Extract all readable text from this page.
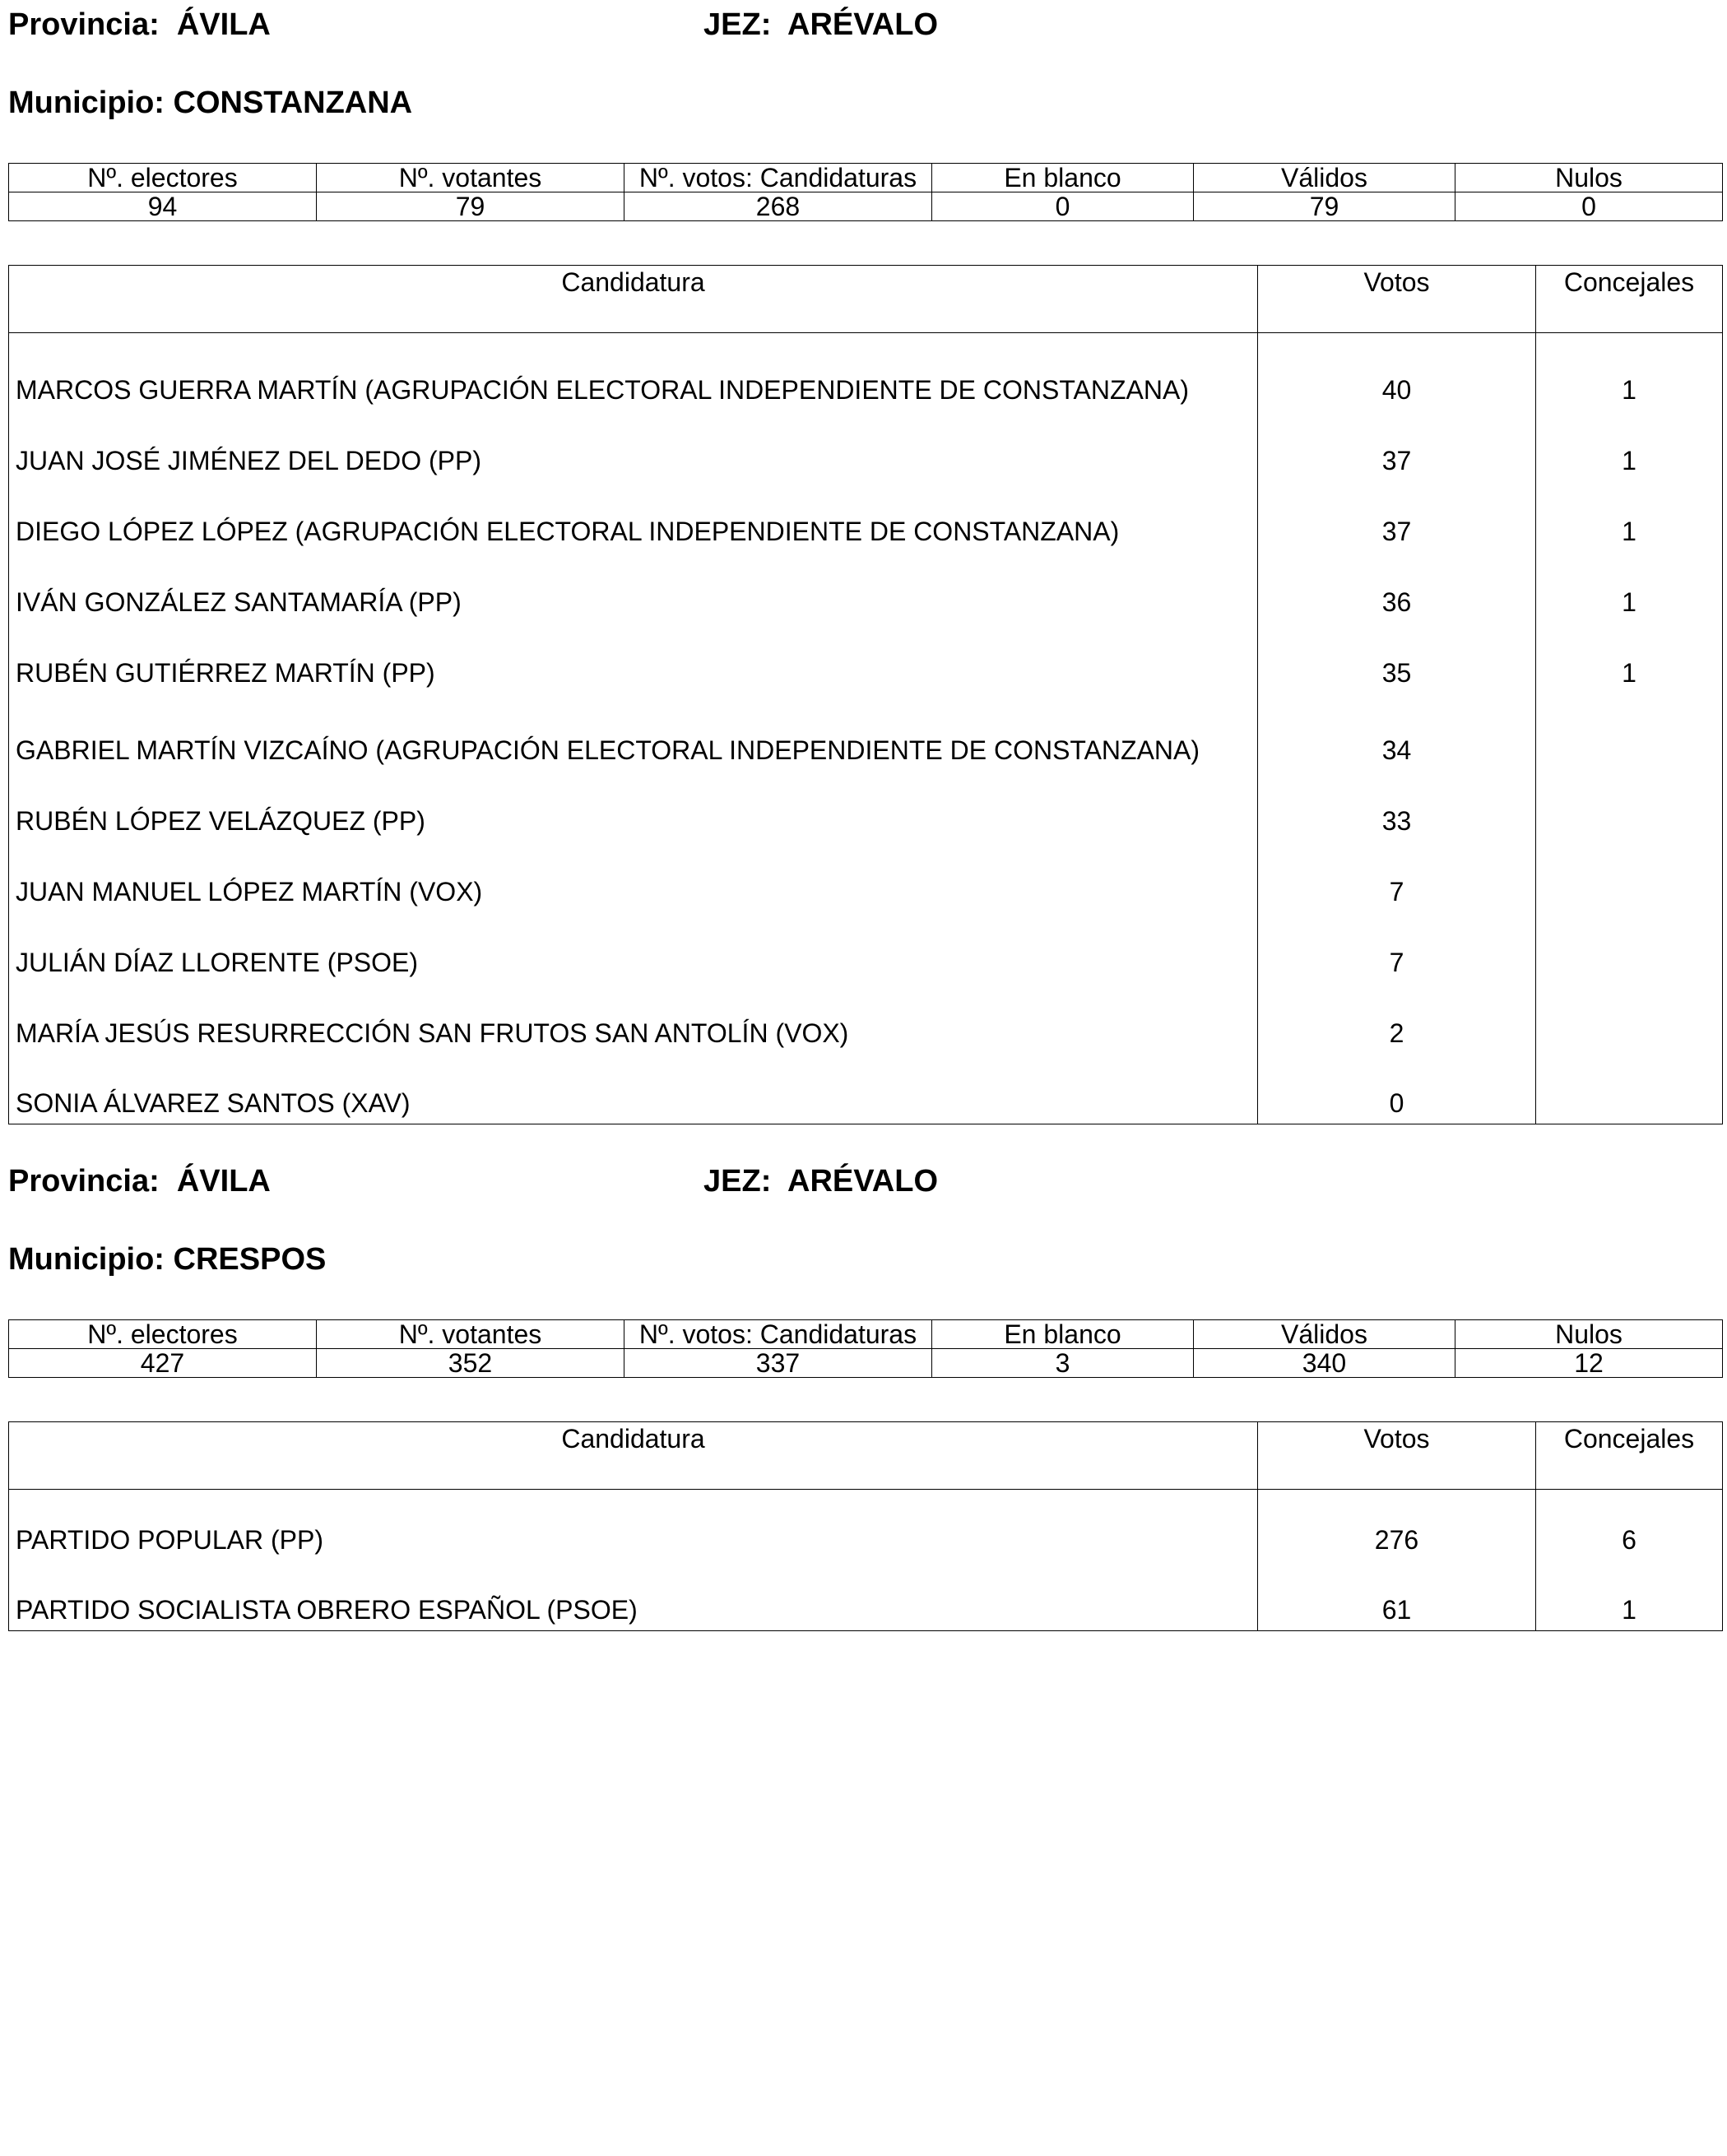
Provincia:  ÁVILA	JEZ:  ARÉVALO
Municipio: CONSTANZANA
Nº. electores	Nº. votantes	Nº. votos: Candidaturas	En blanco	Válidos	Nulos
94	79	268	0	79	0
Candidatura	Votos	Concejales
MARCOS GUERRA MARTÍN (AGRUPACIÓN ELECTORAL INDEPENDIENTE DE CONSTANZANA)	40	1
JUAN JOSÉ JIMÉNEZ DEL DEDO (PP)	37	1
DIEGO LÓPEZ LÓPEZ (AGRUPACIÓN ELECTORAL INDEPENDIENTE DE CONSTANZANA)	37	1
IVÁN GONZÁLEZ SANTAMARÍA (PP)	36	1
RUBÉN GUTIÉRREZ MARTÍN (PP)	35	1
GABRIEL MARTÍN VIZCAÍNO (AGRUPACIÓN ELECTORAL INDEPENDIENTE DE CONSTANZANA)	34	
RUBÉN LÓPEZ VELÁZQUEZ (PP)	33	
JUAN MANUEL LÓPEZ MARTÍN (VOX)	7	
JULIÁN DÍAZ LLORENTE (PSOE)	7	
MARÍA JESÚS RESURRECCIÓN SAN FRUTOS SAN ANTOLÍN (VOX)	2	
SONIA ÁLVAREZ SANTOS (XAV)	0	
Provincia:  ÁVILA	JEZ:  ARÉVALO
Municipio: CRESPOS
Nº. electores	Nº. votantes	Nº. votos: Candidaturas	En blanco	Válidos	Nulos
427	352	337	3	340	12
Candidatura	Votos	Concejales
PARTIDO POPULAR (PP)	276	6
PARTIDO SOCIALISTA OBRERO ESPAÑOL (PSOE)	61	1
